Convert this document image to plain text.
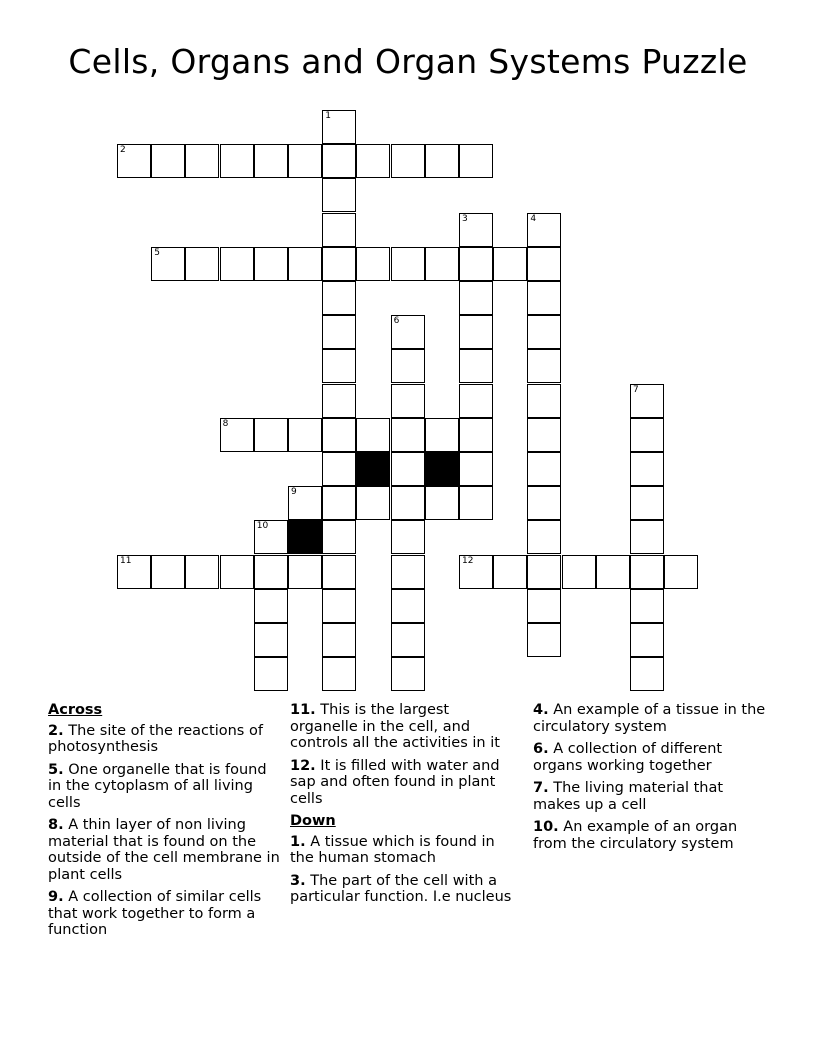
Cells, Organs and Organ Systems Puzzle
1
2
3	4
5
6
7
8
9
10
11	12
Across
2. The site of the reactions of photosynthesis
5. One organelle that is found in the cytoplasm of all living cells
8. A thin layer of non living material that is found on the outside of the cell membrane in plant cells
9. A collection of similar cells that work together to form a function
11. This is the largest organelle in the cell, and controls all the activities in it
12. It is filled with water and sap and often found in plant cells
Down
1. A tissue which is found in the human stomach
3. The part of the cell with a particular function. I.e nucleus
4. An example of a tissue in the circulatory system
6. A collection of different organs working together
7. The living material that makes up a cell
10. An example of an organ from the circulatory system
